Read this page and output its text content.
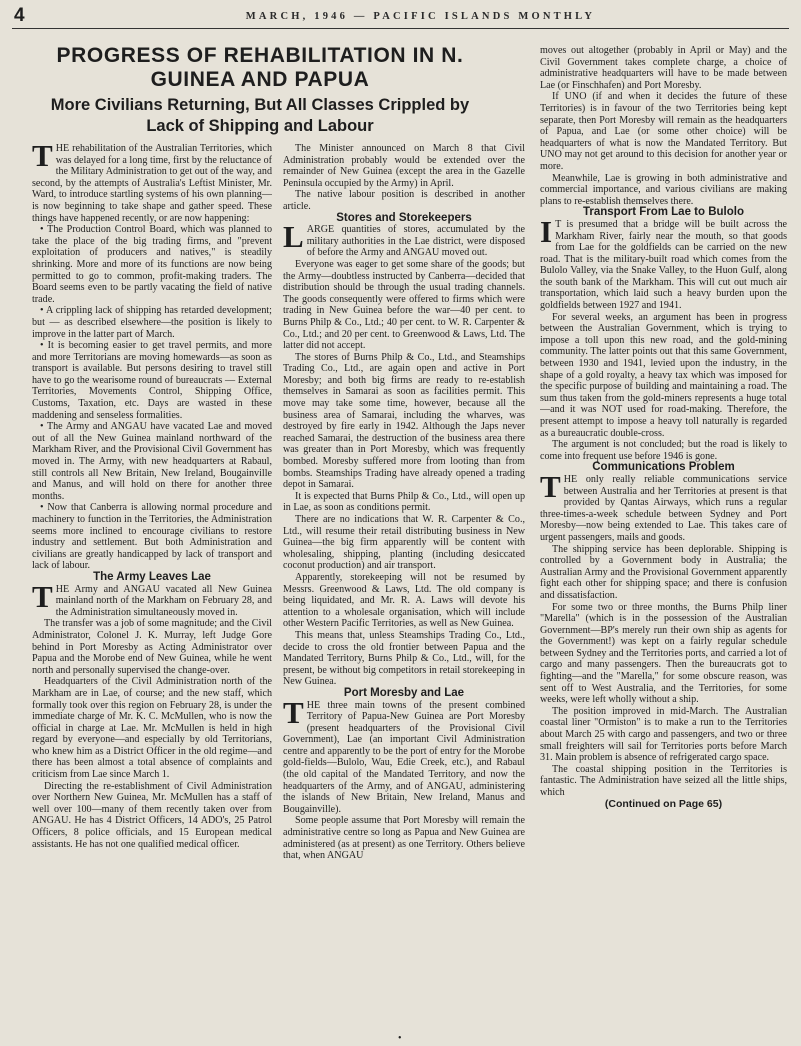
4	MARCH, 1946 — PACIFIC ISLANDS MONTHLY
PROGRESS OF REHABILITATION IN N. GUINEA AND PAPUA
More Civilians Returning, But All Classes Crippled by Lack of Shipping and Labour

THE rehabilitation of the Australian Territories, which was delayed for a long time, first by the reluctance of the Military Administration to get out of the way, and second, by the attempts of Australia's Leftist Minister, Mr. Ward, to introduce startling systems of his own planning—is now beginning to take shape and gather speed. These things have happened recently, or are now happening:

• The Production Control Board, which was planned to take the place of the big trading firms, and "prevent exploitation of producers and natives," is steadily shrinking. More and more of its functions are now being permitted to go to common, profit-making traders. The Board seems even to be partly vacating the field of native trade.

• A crippling lack of shipping has retarded development; but — as described elsewhere—the position is likely to improve in the latter part of March.

• It is becoming easier to get travel permits, and more and more Territorians are moving homewards—as soon as transport is available. But persons desiring to travel still have to go the wearisome round of bureaucrats — External Territories, Movements Control, Shipping Office, Customs, Taxation, etc. Days are wasted in these maddening and senseless formalities.

• The Army and ANGAU have vacated Lae and moved out of all the New Guinea mainland northward of the Markham River, and the Provisional Civil Government has moved in. The Army, with new headquarters at Rabaul, still controls all New Britain, New Ireland, Bougainville and Manus, and will hold on there for another three months.

• Now that Canberra is allowing normal procedure and machinery to function in the Territories, the Administration seems more inclined to encourage civilians to restore industry and settlement. But both Administration and civilians are greatly handicapped by lack of transport and lack of labour.

The Army Leaves Lae

THE Army and ANGAU vacated all New Guinea mainland north of the Markham on February 28, and the Administration simultaneously moved in.

The transfer was a job of some magnitude; and the Civil Administrator, Colonel J. K. Murray, left Judge Gore behind in Port Moresby as Acting Administrator over Papua and the Morobe end of New Guinea, while he went north and personally supervised the change-over.

Headquarters of the Civil Administration north of the Markham are in Lae, of course; and the new staff, which formally took over this region on February 28, is under the immediate charge of Mr. K. C. McMullen, who is now the official in charge at Lae. Mr. McMullen is held in high regard by everyone—and especially by old Territorians, who knew him as a District Officer in the old regime—and there has been almost a total absence of complaints and criticism from Lae since March 1.

Directing the re-establishment of Civil Administration over Northern New Guinea, Mr. McMullen has a staff of well over 100—many of them recently taken over from ANGAU. He has 4 District Officers, 14 ADO's, 25 Patrol Officers, 8 police officials, and 15 European medical assistants. He has not one qualified medical officer.

The Minister announced on March 8 that Civil Administration probably would be extended over the remainder of New Guinea (except the area in the Gazelle Peninsula occupied by the Army) in April.

The native labour position is described in another article.

Stores and Storekeepers

LARGE quantities of stores, accumulated by the military authorities in the Lae district, were disposed of before the Army and ANGAU moved out.

Everyone was eager to get some share of the goods; but the Army—doubtless instructed by Canberra—decided that distribution should be through the usual trading channels. The goods consequently were offered to firms which were trading in New Guinea before the war—40 per cent. to Burns Philp & Co., Ltd.; 40 per cent. to W. R. Carpenter & Co., Ltd.; and 20 per cent. to Greenwood & Laws, Ltd. The latter did not accept.

The stores of Burns Philp & Co., Ltd., and Steamships Trading Co., Ltd., are again open and active in Port Moresby; and both big firms are ready to re-establish themselves in Samarai as soon as facilities permit. This move may take some time, however, because all the business area of Samarai, including the wharves, was destroyed by fire early in 1942. Although the Japs never reached Samarai, the destruction of the business area there was greater than in Port Moresby, which was frequently bombed. Moresby suffered more from looting than from bombs. Steamships Trading have already opened a trading depot in Samarai.

It is expected that Burns Philp & Co., Ltd., will open up in Lae, as soon as conditions permit.

There are no indications that W. R. Carpenter & Co., Ltd., will resume their retail distributing business in New Guinea—the big firm apparently will be content with wholesaling, shipping, planting (including desiccated coconut production) and air transport.

Apparently, storekeeping will not be resumed by Messrs. Greenwood & Laws, Ltd. The old company is being liquidated, and Mr. R. A. Laws will devote his attention to a wholesale organisation, which will include other Western Pacific Territories, as well as New Guinea.

This means that, unless Steamships Trading Co., Ltd., decide to cross the old frontier between Papua and the Mandated Territory, Burns Philp & Co., Ltd., will, for the present, be without big competitors in retail storekeeping in New Guinea.

Port Moresby and Lae

THE three main towns of the present combined Territory of Papua-New Guinea are Port Moresby (present headquarters of the Provisional Civil Government), Lae (an important Civil Administration centre and apparently to be the port of entry for the Morobe gold-fields—Bulolo, Wau, Edie Creek, etc.), and Rabaul (the old capital of the Mandated Territory, and now the headquarters of the Army, and of ANGAU, administering the islands of New Britain, New Ireland, Manus and Bougainville).

Some people assume that Port Moresby will remain the administrative centre so long as Papua and New Guinea are administered (as at present) as one Territory. Others believe that, when ANGAU

moves out altogether (probably in April or May) and the Civil Government takes complete charge, a choice of administrative headquarters will have to be made between Lae (or Finschhafen) and Port Moresby.

If UNO (if and when it decides the future of these Territories) is in favour of the two Territories being kept separate, then Port Moresby will remain as the headquarters of Papua, and Lae (or some other choice) will be headquarters of what is now the Mandated Territory. But UNO may not get around to this decision for another year or more.

Meanwhile, Lae is growing in both administrative and commercial importance, and various civilians are making plans to re-establish themselves there.

Transport From Lae to Bulolo

I T is presumed that a bridge will be built across the Markham River, fairly near the mouth, so that goods from Lae for the goldfields can be carried on the new road. That is the military-built road which comes from the Bulolo Valley, via the Snake Valley, to the Huon Gulf, along the south bank of the Markham. This will cut out much air transportation, which laid such a heavy burden upon the goldfields between 1927 and 1941.

For several weeks, an argument has been in progress between the Australian Government, which is trying to impose a toll upon this new road, and the gold-mining community. The latter points out that this same Government, between 1930 and 1941, levied upon the industry, in the shape of a gold royalty, a heavy tax which was imposed for the specific purpose of building and maintaining a road. The sum thus taken from the gold-miners represents a huge total—and it was NOT used for road-making. Therefore, the present attempt to impose a heavy toll naturally is regarded as a bureaucratic double-cross.

The argument is not concluded; but the road is likely to come into frequent use before 1946 is gone.

Communications Problem

THE only really reliable communications service between Australia and her Territories at present is that provided by Qantas Airways, which runs a regular three-times-a-week schedule between Sydney and Port Moresby—now being extended to Lae. This takes care of urgent passengers, mails and goods.

The shipping service has been deplorable. Shipping is controlled by a Government body in Australia; the Australian Army and the Provisional Government apparently fight each other for shipping space; and there is confusion and dissatisfaction.

For some two or three months, the Burns Philp liner "Marella" (which is in the possession of the Australian Government—BP's merely run their own ship as agents for the Government!) was kept on a fairly regular schedule between Sydney and the Territories ports, and carried a lot of cargo and many passengers. Then the bureaucrats got to fighting—and the "Marella," for some obscure reason, was sent off to West Australia, and the Territories, for some weeks, were left wholly without a ship.

The position improved in mid-March. The Australian coastal liner "Ormiston" is to make a run to the Territories about March 25 with cargo and passengers, and two or three small freighters will sail for Territories ports before March 31. Main problem is absence of refrigerated cargo space.

The coastal shipping position in the Territories is fantastic. The Administration have seized all the little ships, which

(Continued on Page 65)

•
